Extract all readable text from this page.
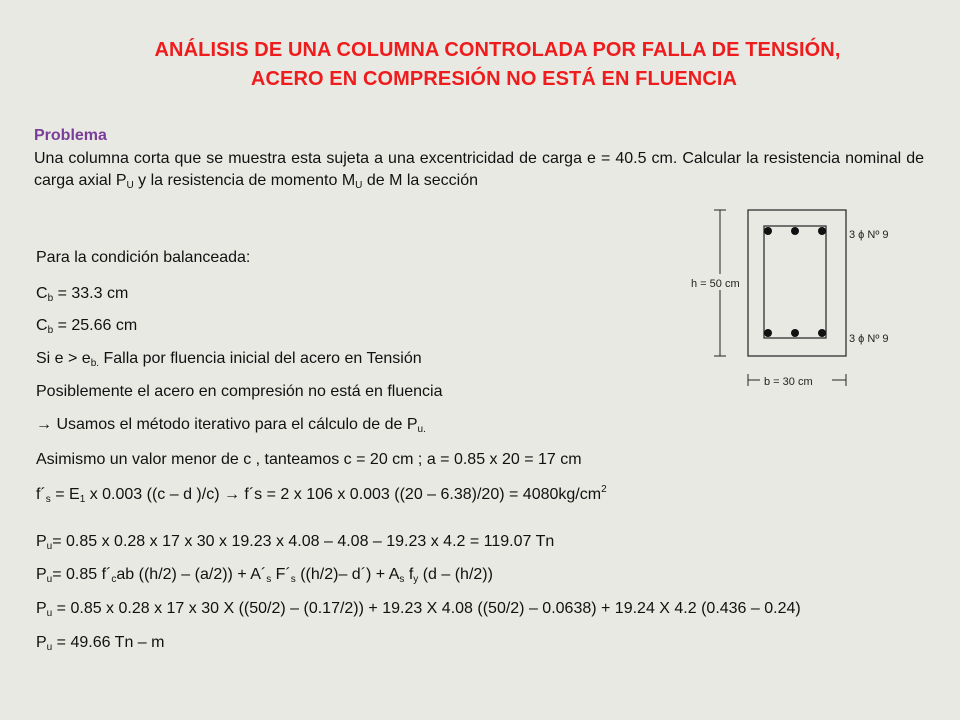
ANÁLISIS DE UNA COLUMNA CONTROLADA POR FALLA DE TENSIÓN,
ACERO EN COMPRESIÓN NO ESTÁ EN FLUENCIA
Problema
Una columna corta que se muestra esta sujeta a una excentricidad de carga e = 40.5 cm. Calcular la resistencia nominal de carga axial $P_U$ y la resistencia de momento $M_U$ de M la sección
h = 50 cm
3 ϕ Nº 9
3 ϕ Nº 9
b = 30 cm
Para la condición balanceada:
$C_b = 33.3$ cm
$C_b = 25.66$ cm
Si $e > e_{b.}$ Falla por fluencia inicial del acero en Tensión
Posiblemente el acero en compresión no está en fluencia
→ Usamos el método iterativo para el cálculo de de $P_{u.}$
Asimismo un valor menor de c , tanteamos c = 20 cm ; a = 0.85 x 20 = 17 cm
$f´_s = E_1$ x 0.003 ((c – d )/c) → f´s = 2 x 106 x 0.003 $((20 - 6.38)/20) = 4080kg/cm^2$
$P_u= 0.85$ x 0.28 x 17 x 30 x 19.23 x 4.08 – 4.08 – 19.23 x 4.2 = 119.07 Tn
$P_u= 0.85$ $f´_cab$ $((h/2) - (a/2)) + A´_s$ $F´_s$ ((h/2)– d´) + $A_s$ $f_y$ (d – (h/2))
$P_u = 0.85$ x 0.28 x 17 x 30 X ((50/2) – (0.17/2)) + 19.23 X 4.08 ((50/2) – 0.0638) + 19.24 X 4.2 (0.436 – 0.24)
$P_u = 49.66$ Tn – m
